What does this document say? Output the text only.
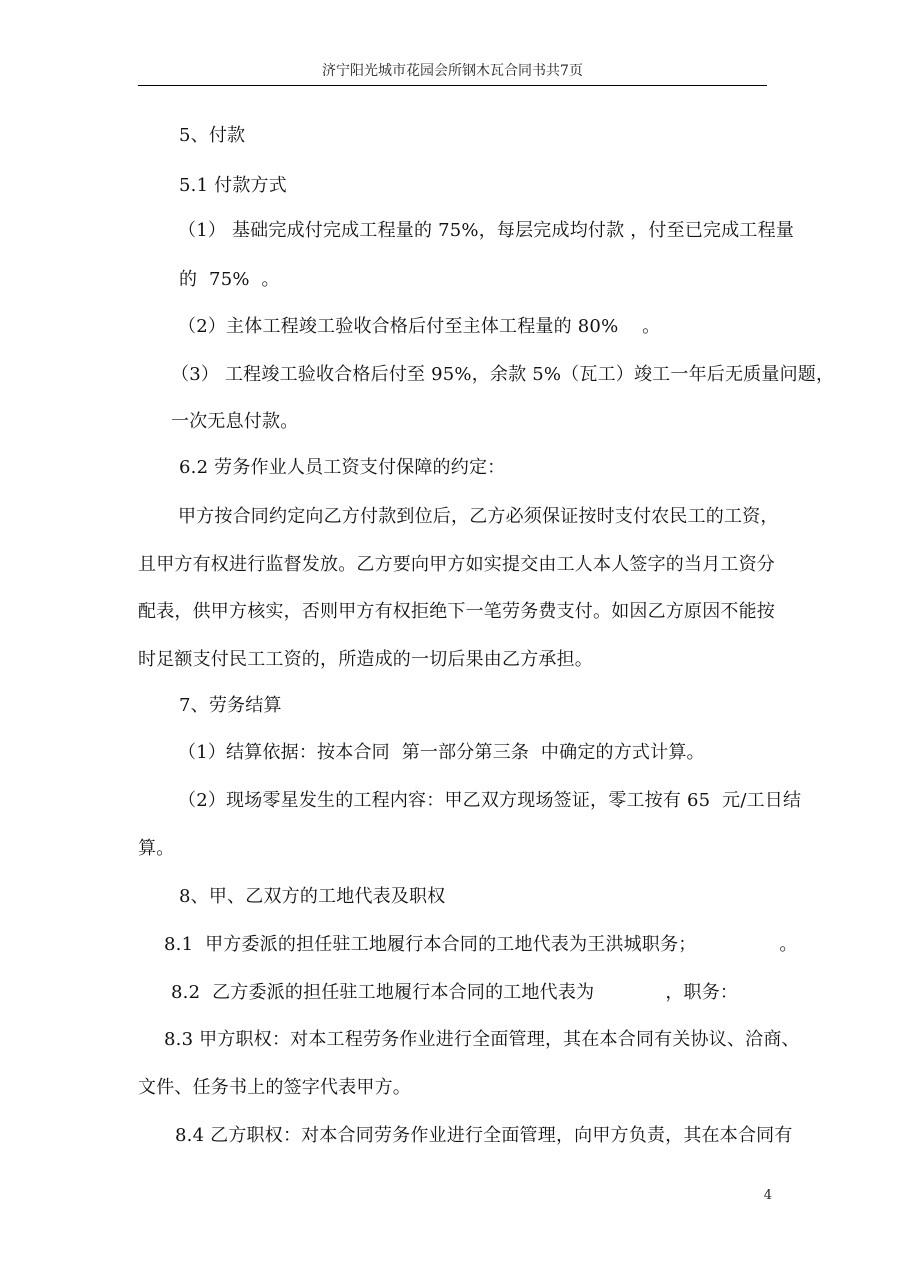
济宁阳光城市花园会所钢木瓦合同书共7页
5、付款
5.1 付款方式
（1） 基础完成付完成工程量的 75%，每层完成均付款 ，付至已完成工程量
的  75%  。
（2）主体工程竣工验收合格后付至主体工程量的 80%    。
（3） 工程竣工验收合格后付至 95%，余款 5%（瓦工）竣工一年后无质量问题，
一次无息付款。
6.2 劳务作业人员工资支付保障的约定：
甲方按合同约定向乙方付款到位后，乙方必须保证按时支付农民工的工资，
且甲方有权进行监督发放。乙方要向甲方如实提交由工人本人签字的当月工资分
配表，供甲方核实，否则甲方有权拒绝下一笔劳务费支付。如因乙方原因不能按
时足额支付民工工资的，所造成的一切后果由乙方承担。
7、劳务结算
（1）结算依据：按本合同  第一部分第三条  中确定的方式计算。
（2）现场零星发生的工程内容：甲乙双方现场签证，零工按有 65  元/工日结
算。
8、甲、乙双方的工地代表及职权
8.1  甲方委派的担任驻工地履行本合同的工地代表为王洪城职务；              。
8.2  乙方委派的担任驻工地履行本合同的工地代表为            ，职务：
8.3 甲方职权：对本工程劳务作业进行全面管理，其在本合同有关协议、洽商、
文件、任务书上的签字代表甲方。
8.4 乙方职权：对本合同劳务作业进行全面管理，向甲方负责，其在本合同有
4
